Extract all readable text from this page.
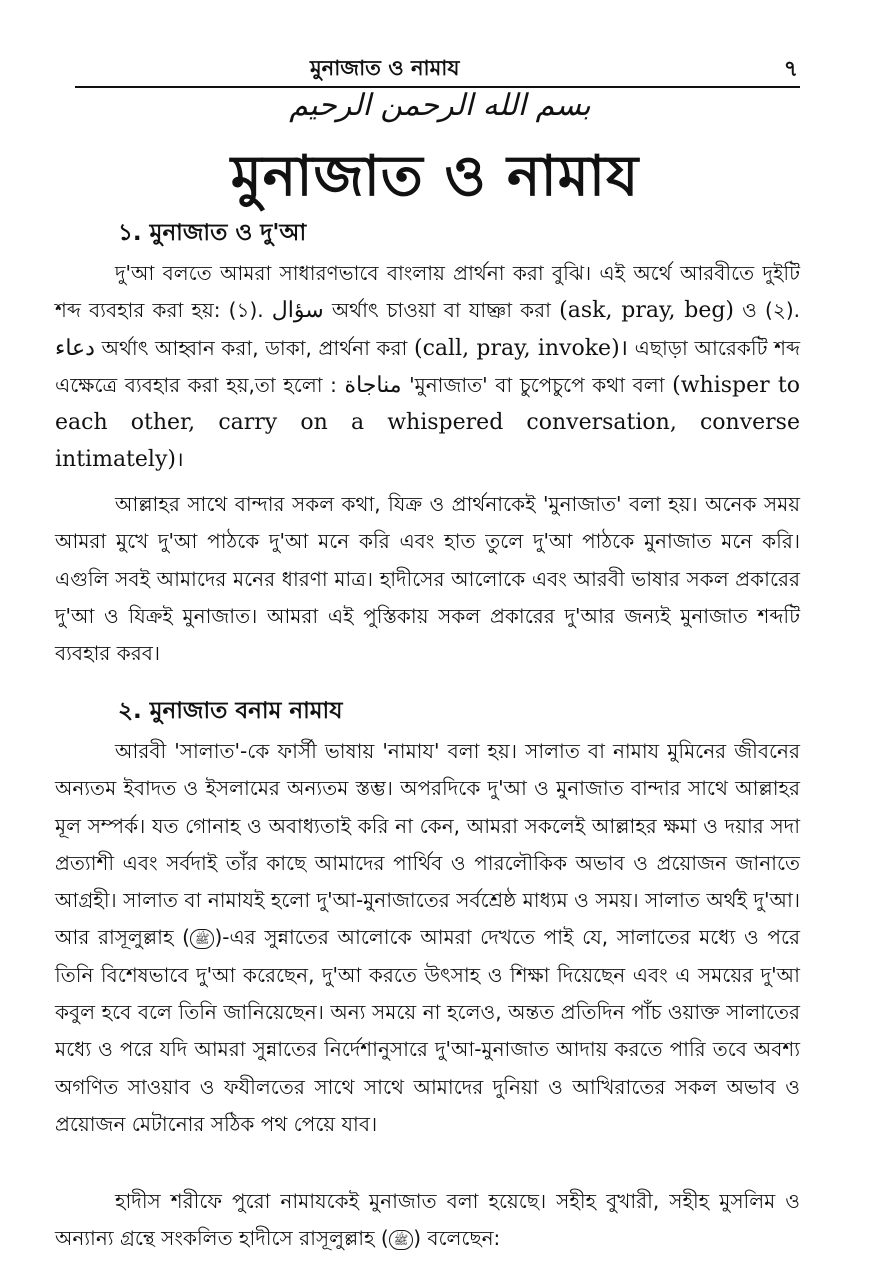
মুনাজাত ও নামায	৭
بسم الله الرحمن الرحيم
মুনাজাত ও নামায
১. মুনাজাত ও দু'আ
দু'আ বলতে আমরা সাধারণভাবে বাংলায় প্রার্থনা করা বুঝি। এই অর্থে আরবীতে দুইটি শব্দ ব্যবহার করা হয়: (১). سؤال অর্থাৎ চাওয়া বা যাচ্ঞা করা (ask, pray, beg) ও (২). دعاء অর্থাৎ আহ্বান করা, ডাকা, প্রার্থনা করা (call, pray, invoke)। এছাড়া আরেকটি শব্দ এক্ষেত্রে ব্যবহার করা হয়,তা হলো : مناجاة 'মুনাজাত' বা চুপেচুপে কথা বলা (whisper to each other, carry on a whispered conversation, converse intimately)।
আল্লাহর সাথে বান্দার সকল কথা, যিক্র ও প্রার্থনাকেই 'মুনাজাত' বলা হয়। অনেক সময় আমরা মুখে দু'আ পাঠকে দু'আ মনে করি এবং হাত তুলে দু'আ পাঠকে মুনাজাত মনে করি। এগুলি সবই আমাদের মনের ধারণা মাত্র। হাদীসের আলোকে এবং আরবী ভাষার সকল প্রকারের দু'আ ও যিক্রই মুনাজাত। আমরা এই পুস্তিকায় সকল প্রকারের দু'আর জন্যই মুনাজাত শব্দটি ব্যবহার করব।
২. মুনাজাত বনাম নামায
আরবী 'সালাত'-কে ফার্সী ভাষায় 'নামায' বলা হয়। সালাত বা নামায মুমিনের জীবনের অন্যতম ইবাদত ও ইসলামের অন্যতম স্তম্ভ। অপরদিকে দু'আ ও মুনাজাত বান্দার সাথে আল্লাহর মূল সম্পর্ক। যত গোনাহ ও অবাধ্যতাই করি না কেন, আমরা সকলেই আল্লাহর ক্ষমা ও দয়ার সদা প্রত্যাশী এবং সর্বদাই তাঁর কাছে আমাদের পার্থিব ও পারলৌকিক অভাব ও প্রয়োজন জানাতে আগ্রহী। সালাত বা নামাযই হলো দু'আ-মুনাজাতের সর্বশ্রেষ্ঠ মাধ্যম ও সময়। সালাত অর্থই দু'আ। আর রাসূলুল্লাহ ( ﷺ )-এর সুন্নাতের আলোকে আমরা দেখতে পাই যে, সালাতের মধ্যে ও পরে তিনি বিশেষভাবে দু'আ করেছেন, দু'আ করতে উৎসাহ ও শিক্ষা দিয়েছেন এবং এ সময়ের দু'আ কবুল হবে বলে তিনি জানিয়েছেন। অন্য সময়ে না হলেও, অন্তত প্রতিদিন পাঁচ ওয়াক্ত সালাতের মধ্যে ও পরে যদি আমরা সুন্নাতের নির্দেশানুসারে দু'আ-মুনাজাত আদায় করতে পারি তবে অবশ্য অগণিত সাওয়াব ও ফযীলতের সাথে সাথে আমাদের দুনিয়া ও আখিরাতের সকল অভাব ও প্রয়োজন মেটানোর সঠিক পথ পেয়ে যাব।
হাদীস শরীফে পুরো নামাযকেই মুনাজাত বলা হয়েছে। সহীহ বুখারী, সহীহ মুসলিম ও অন্যান্য গ্রন্থে সংকলিত হাদীসে রাসূলুল্লাহ ( ﷺ ) বলেছেন:
